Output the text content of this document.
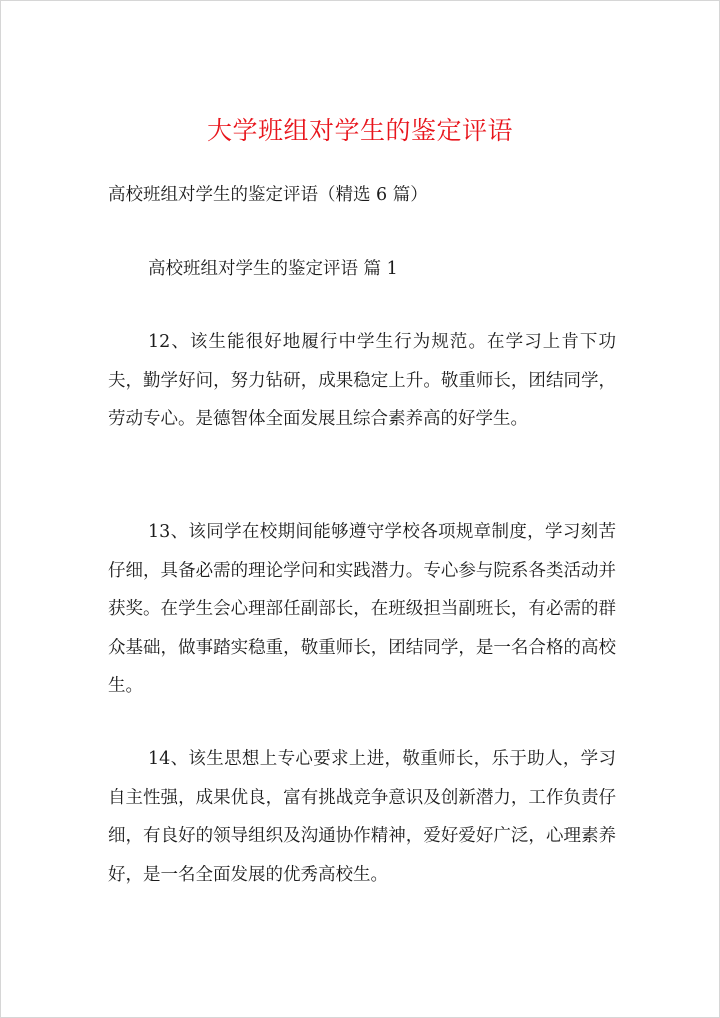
大学班组对学生的鉴定评语
高校班组对学生的鉴定评语（精选 6 篇）
高校班组对学生的鉴定评语 篇 1

12、该生能很好地履行中学生行为规范。在学习上肯下功夫，勤学好问，努力钻研，成果稳定上升。敬重师长，团结同学，劳动专心。是德智体全面发展且综合素养高的好学生。

13、该同学在校期间能够遵守学校各项规章制度，学习刻苦仔细，具备必需的理论学问和实践潜力。专心参与院系各类活动并获奖。在学生会心理部任副部长，在班级担当副班长，有必需的群众基础，做事踏实稳重，敬重师长，团结同学，是一名合格的高校生。

14、该生思想上专心要求上进，敬重师长，乐于助人，学习自主性强，成果优良，富有挑战竞争意识及创新潜力，工作负责仔细，有良好的领导组织及沟通协作精神，爱好爱好广泛，心理素养好，是一名全面发展的优秀高校生。
